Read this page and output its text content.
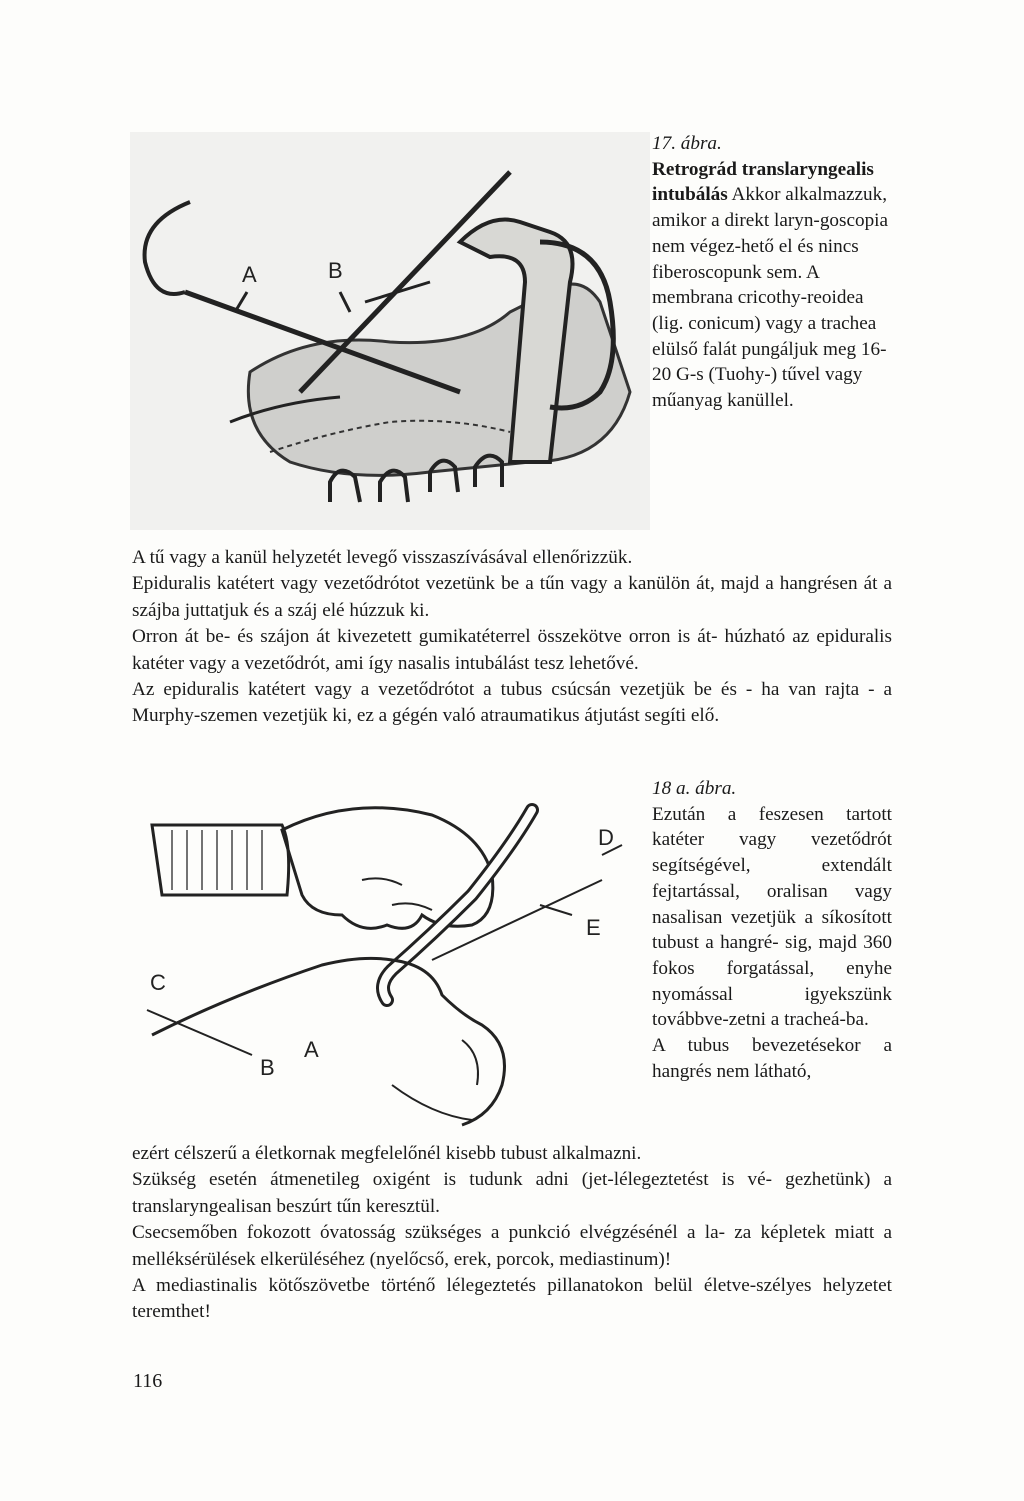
A	B

17. ábra.

Retrográd translaryngealis intubálás Akkor alkalmazzuk, amikor a direkt laryn-goscopia nem végez-hető el és nincs fiberoscopunk sem. A membrana cricothy-reoidea (lig. conicum) vagy a trachea elülső falát pungáljuk meg 16-20 G-s (Tuohy-) tűvel vagy műanyag kanüllel.

A tű vagy a kanül helyzetét levegő visszaszívásával ellenőrizzük.

Epiduralis katétert vagy vezetődrótot vezetünk be a tűn vagy a kanülön át, majd a hangrésen át a szájba juttatjuk és a száj elé húzzuk ki.

Orron át be- és szájon át kivezetett gumikatéterrel összekötve orron is át- húzható az epiduralis katéter vagy a vezetődrót, ami így nasalis intubálást tesz lehetővé.

Az epiduralis katétert vagy a vezetődrótot a tubus csúcsán vezetjük be és - ha van rajta - a Murphy-szemen vezetjük ki, ez a gégén való atraumatikus átjutást segíti elő.

C
A
B
D
E

18 a. ábra.

Ezután a feszesen tartott katéter vagy vezetődrót segítségével, extendált fejtartással, oralisan vagy nasalisan vezetjük a síkosított tubust a hangré- sig, majd 360 fokos forgatással, enyhe nyomással igyekszünk továbbve-zetni a tracheá-ba.

A tubus bevezetésekor a hangrés nem látható,

ezért célszerű a életkornak megfelelőnél kisebb tubust alkalmazni.

Szükség esetén átmenetileg oxigént is tudunk adni (jet-lélegeztetést is vé- gezhetünk) a translaryngealisan beszúrt tűn keresztül.

Csecsemőben fokozott óvatosság szükséges a punkció elvégzésénél a la- za képletek miatt a melléksérülések elkerüléséhez (nyelőcső, erek, porcok, mediastinum)!

A mediastinalis kötőszövetbe történő lélegeztetés pillanatokon belül életve-szélyes helyzetet teremthet!

116
